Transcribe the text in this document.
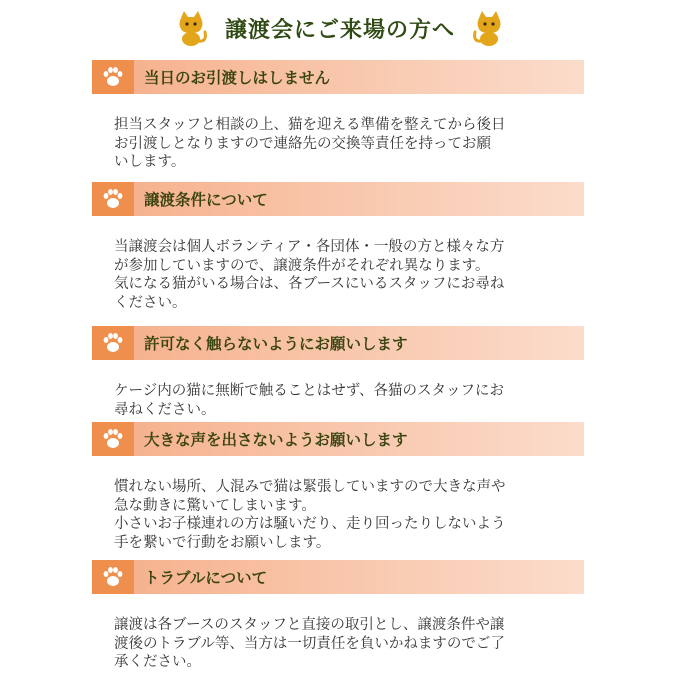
譲渡会にご来場の方へ
当日のお引渡しはしません
担当スタッフと相談の上、猫を迎える準備を整えてから後日
お引渡しとなりますので連絡先の交換等責任を持ってお願
いします。
譲渡条件について
当譲渡会は個人ボランティア・各団体・一般の方と様々な方
が参加していますので、譲渡条件がそれぞれ異なります。
気になる猫がいる場合は、各ブースにいるスタッフにお尋ね
ください。
許可なく触らないようにお願いします
ケージ内の猫に無断で触ることはせず、各猫のスタッフにお
尋ねください。
大きな声を出さないようお願いします
慣れない場所、人混みで猫は緊張していますので大きな声や
急な動きに驚いてしまいます。
小さいお子様連れの方は騒いだり、走り回ったりしないよう
手を繋いで行動をお願いします。
トラブルについて
譲渡は各ブースのスタッフと直接の取引とし、譲渡条件や譲
渡後のトラブル等、当方は一切責任を負いかねますのでご了
承ください。
